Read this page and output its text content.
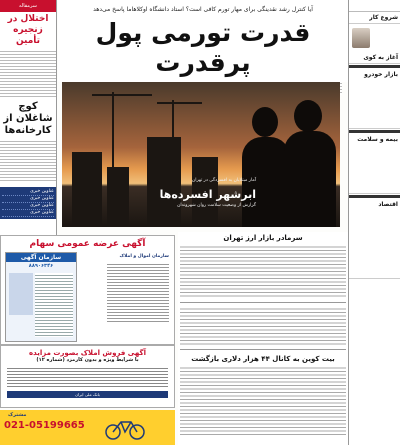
شروع کار
آغاز به کوی
بازار خودرو
بیمه و سلامت
اقتصاد
سرمقاله
اختلال در زنجیره تأمین
کوچ شاغلان از کارخانه‌ها
عناوین خبری
عناوین خبری
عناوین خبری
عناوین خبری
آیا کنترل رشد نقدینگی برای مهار تورم کافی است؟ استاد دانشگاه اوکلاهاما پاسخ می‌دهد
قدرت تورمی پول پرقدرت
آمار مبتلایان به افسردگی در تهران
ابرشهر افسرده‌ها
گزارش از وضعیت سلامت روان شهروندان
آگهی عرضه عمومی سهام
سازمان اموال و املاک
سازمان آگهی
۸۸۹۰۶۳۴۶
آگهی فروش املاک بصورت مزایده
با شرایط ویژه و بدون کارمزد (شماره ۱۲)
بانک ملی ایران
مشترک
021-05199665
سرمادر بازار ارز تهران
بیت کوین به کانال ۴۴ هزار دلاری بازگشت
